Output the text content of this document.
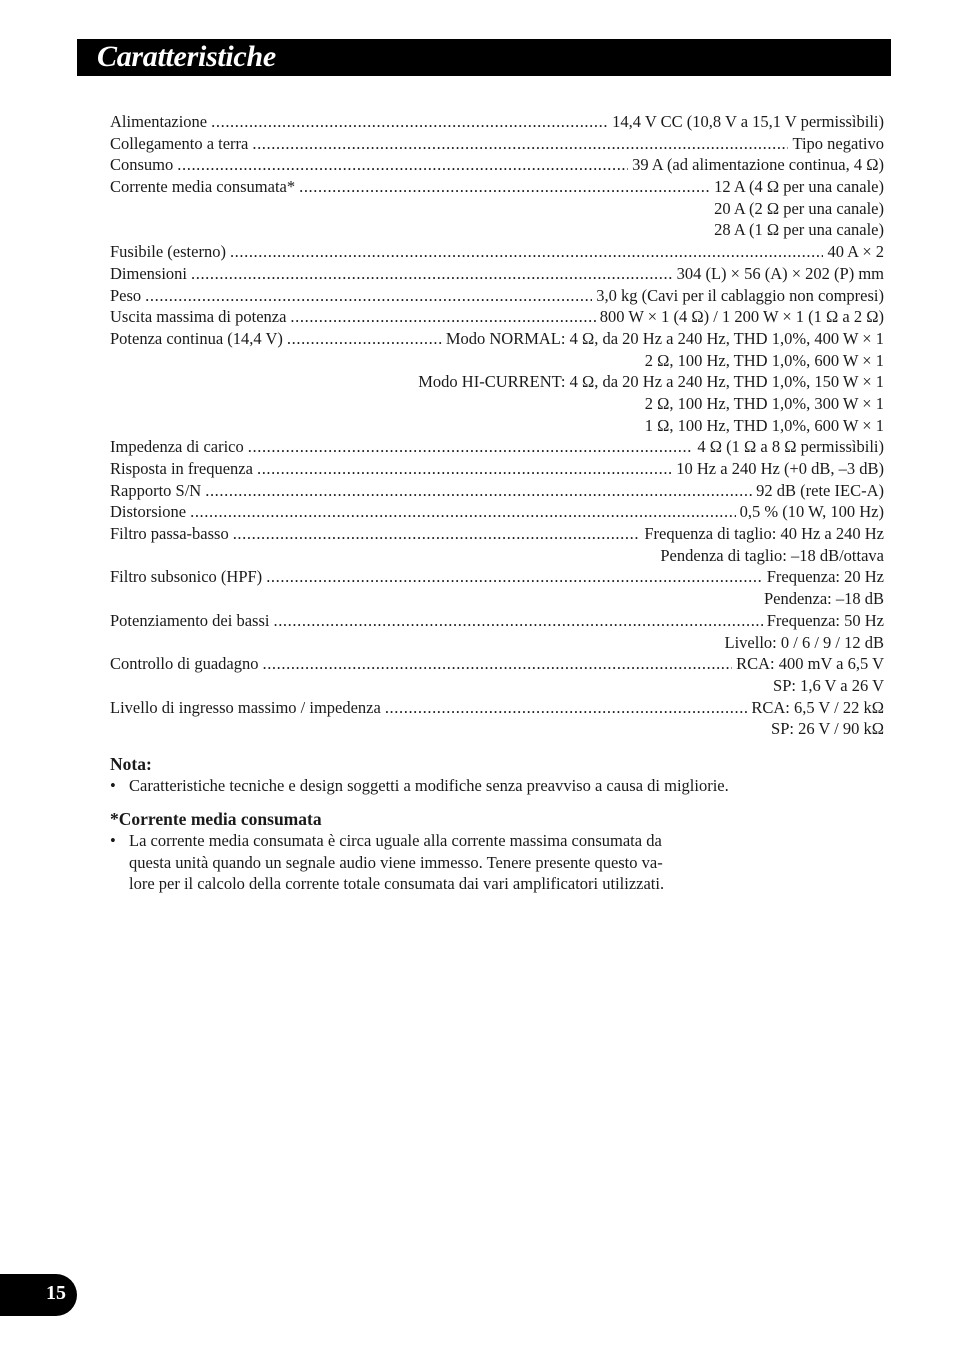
Caratteristiche
Alimentazione .....	14,4 V CC (10,8 V a 15,1 V permissìbili)
Collegamento a terra .....	Tipo negativo
Consumo .....	39 A (ad alimentazione continua, 4 Ω)
Corrente media consumata* .....	12 A (4 Ω per una canale)
20 A (2 Ω per una canale)
28 A (1 Ω per una canale)
Fusibile (esterno) .....	40 A × 2
Dimensioni .....	304 (L) × 56 (A) × 202 (P) mm
Peso .....	3,0 kg (Cavi per il cablaggio non compresi)
Uscita massima di potenza .....	800 W × 1 (4 Ω) / 1 200 W × 1 (1 Ω a 2 Ω)
Potenza continua (14,4 V) .....	Modo NORMAL: 4 Ω, da 20 Hz a 240 Hz, THD 1,0%, 400 W × 1
2 Ω, 100 Hz, THD 1,0%, 600 W × 1
Modo HI-CURRENT: 4 Ω, da 20 Hz a 240 Hz, THD 1,0%, 150 W × 1
2 Ω, 100 Hz, THD 1,0%, 300 W × 1
1 Ω, 100 Hz, THD 1,0%, 600 W × 1
Impedenza di carico .....	4 Ω (1 Ω a 8 Ω permissìbili)
Risposta in frequenza .....	10 Hz a 240 Hz (+0 dB, –3 dB)
Rapporto S/N .....	92 dB (rete IEC-A)
Distorsione .....	0,5 % (10 W, 100 Hz)
Filtro passa-basso .....	Frequenza di taglio: 40 Hz a 240 Hz
Pendenza di taglio: –18 dB/ottava
Filtro subsonico (HPF) .....	Frequenza: 20 Hz
Pendenza: –18 dB
Potenziamento dei bassi .....	Frequenza: 50 Hz
Livello: 0 / 6 / 9 / 12 dB
Controllo di guadagno .....	RCA: 400 mV a 6,5 V
SP: 1,6 V a 26 V
Livello di ingresso massimo / impedenza .....	RCA: 6,5 V / 22 kΩ
SP: 26 V / 90 kΩ
Nota:
• Caratteristiche tecniche e design soggetti a modifiche senza preavviso a causa di migliorie.
*Corrente media consumata
• La corrente media consumata è circa uguale alla corrente massima consumata da
questa unità quando un segnale audio viene immesso. Tenere presente questo va-
lore per il calcolo della corrente totale consumata dai vari amplificatori utilizzati.
15
